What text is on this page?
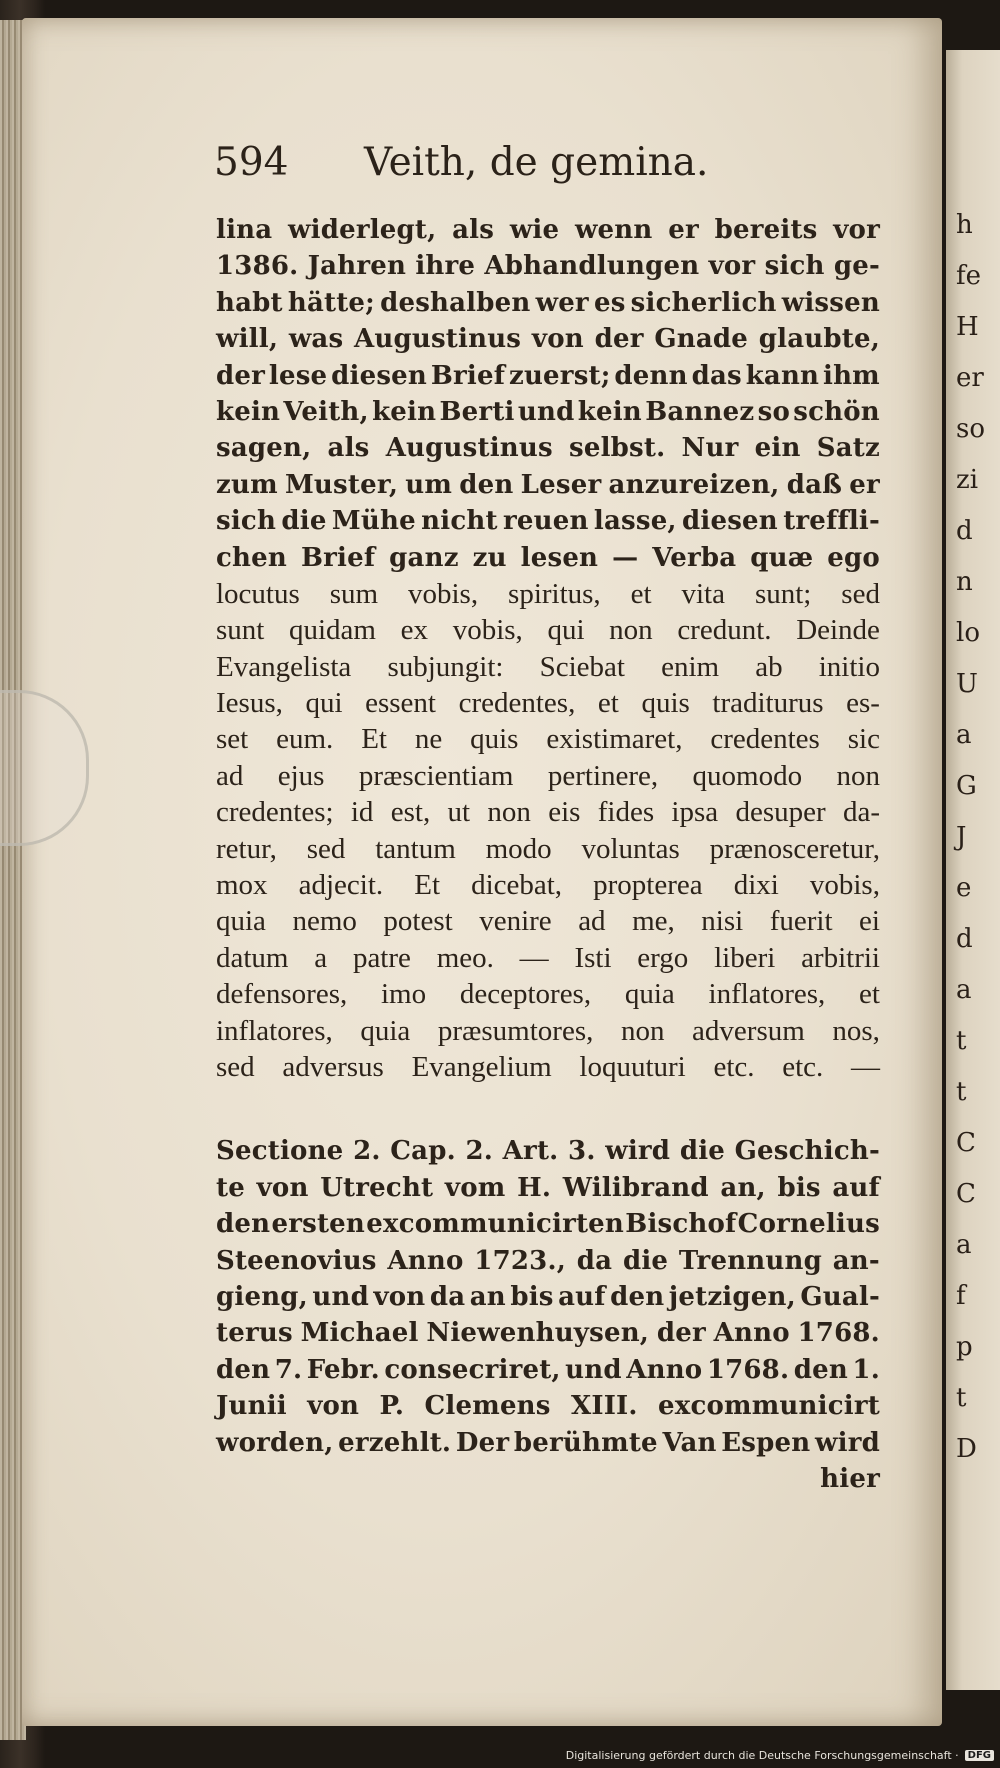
h
fe
H
er
so
zi
d
n
lo
U
a
G
J
e
d
a
t
t
C
C
a
f
p
t
D
594 Veith, de gemina.
lina widerlegt, als wie wenn er bereits vor
1386. Jahren ihre Abhandlungen vor sich ge-
habt hätte; deshalben wer es sicherlich wissen
will, was Augustinus von der Gnade glaubte,
der lese diesen Brief zuerst; denn das kann ihm
kein Veith, kein Berti und kein Bannez so schön
sagen, als Augustinus selbst. Nur ein Satz
zum Muster, um den Leser anzureizen, daß er
sich die Mühe nicht reuen lasse, diesen treffli-
chen Brief ganz zu lesen — Verba quæ ego
locutus sum vobis, spiritus, et vita sunt; sed
sunt quidam ex vobis, qui non credunt. Deinde
Evangelista subjungit: Sciebat enim ab initio
Iesus, qui essent credentes, et quis traditurus es-
set eum. Et ne quis existimaret, credentes sic
ad ejus præscientiam pertinere, quomodo non
credentes; id est, ut non eis fides ipsa desuper da-
retur, sed tantum modo voluntas prænosceretur,
mox adjecit. Et dicebat, propterea dixi vobis,
quia nemo potest venire ad me, nisi fuerit ei
datum a patre meo. — Isti ergo liberi arbitrii
defensores, imo deceptores, quia inflatores, et
inflatores, quia præsumtores, non adversum nos,
sed adversus Evangelium loquuturi etc. etc. —
Sectione 2. Cap. 2. Art. 3. wird die Geschich-
te von Utrecht vom H. Wilibrand an, bis auf
den ersten excommunicirten Bischof Cornelius
Steenovius Anno 1723., da die Trennung an-
gieng, und von da an bis auf den jetzigen, Gual-
terus Michael Niewenhuysen, der Anno 1768.
den 7. Febr. consecriret, und Anno 1768. den 1.
Junii von P. Clemens XIII. excommunicirt
worden, erzehlt. Der berühmte Van Espen wird
hier
Digitalisierung gefördert durch die Deutsche Forschungsgemeinschaft · DFG
